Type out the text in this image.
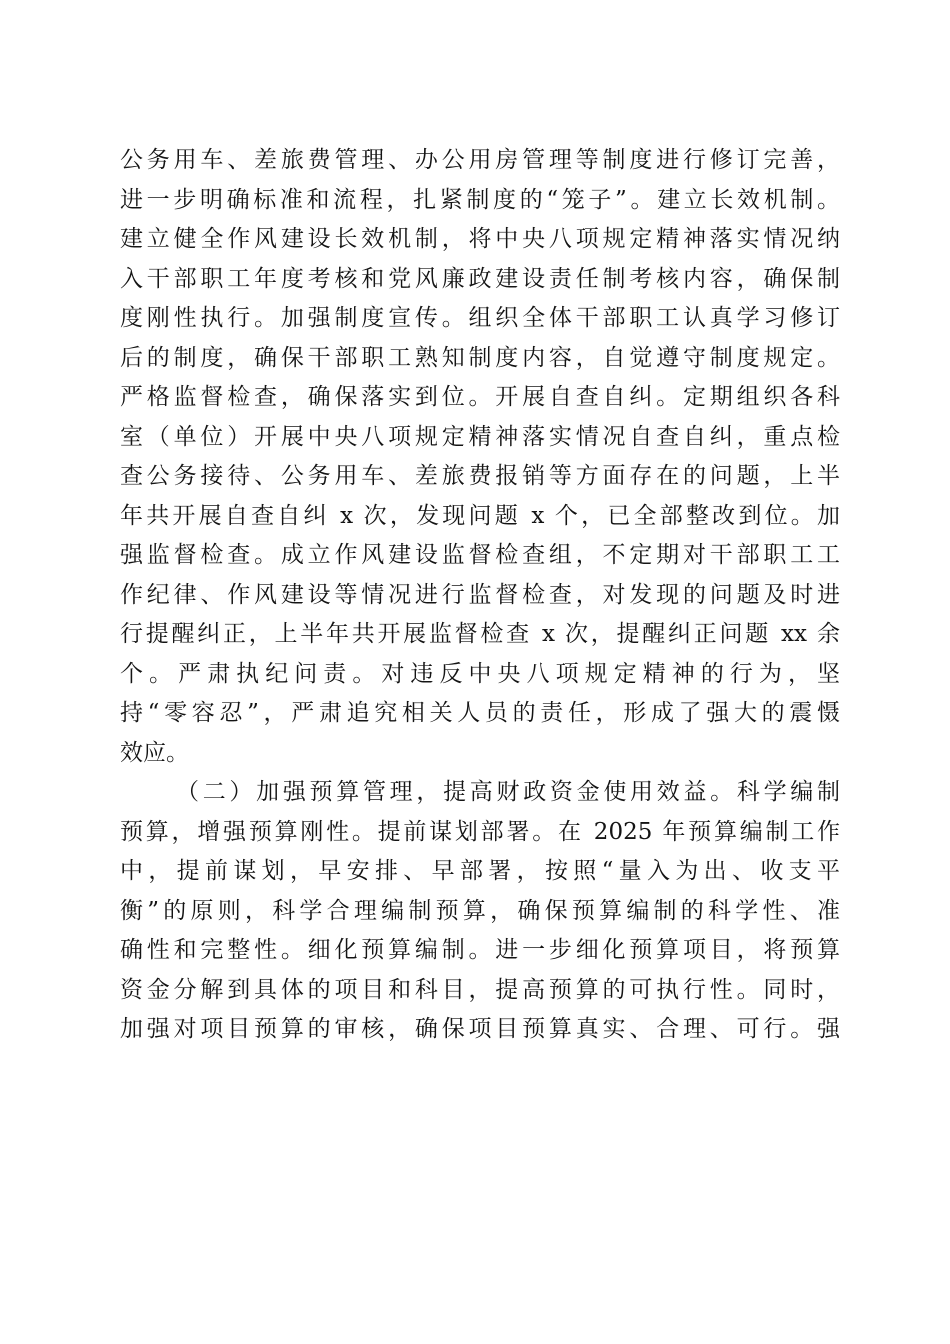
公务用车、差旅费管理、办公用房管理等制度进行修订完善，
进一步明确标准和流程，扎紧制度的“笼子”。建立长效机制。
建立健全作风建设长效机制，将中央八项规定精神落实情况纳
入干部职工年度考核和党风廉政建设责任制考核内容，确保制
度刚性执行。加强制度宣传。组织全体干部职工认真学习修订
后的制度，确保干部职工熟知制度内容，自觉遵守制度规定。
严格监督检查，确保落实到位。开展自查自纠。定期组织各科
室（单位）开展中央八项规定精神落实情况自查自纠，重点检
查公务接待、公务用车、差旅费报销等方面存在的问题，上半
年共开展自查自纠 x 次，发现问题 x 个，已全部整改到位。加
强监督检查。成立作风建设监督检查组，不定期对干部职工工
作纪律、作风建设等情况进行监督检查，对发现的问题及时进
行提醒纠正，上半年共开展监督检查 x 次，提醒纠正问题 xx 余
个。严肃执纪问责。对违反中央八项规定精神的行为，坚
持“零容忍”，严肃追究相关人员的责任，形成了强大的震慑
效应。
（二）加强预算管理，提高财政资金使用效益。科学编制
预算，增强预算刚性。提前谋划部署。在 2025 年预算编制工作
中，提前谋划，早安排、早部署，按照“量入为出、收支平
衡”的原则，科学合理编制预算，确保预算编制的科学性、准
确性和完整性。细化预算编制。进一步细化预算项目，将预算
资金分解到具体的项目和科目，提高预算的可执行性。同时，
加强对项目预算的审核，确保项目预算真实、合理、可行。强
